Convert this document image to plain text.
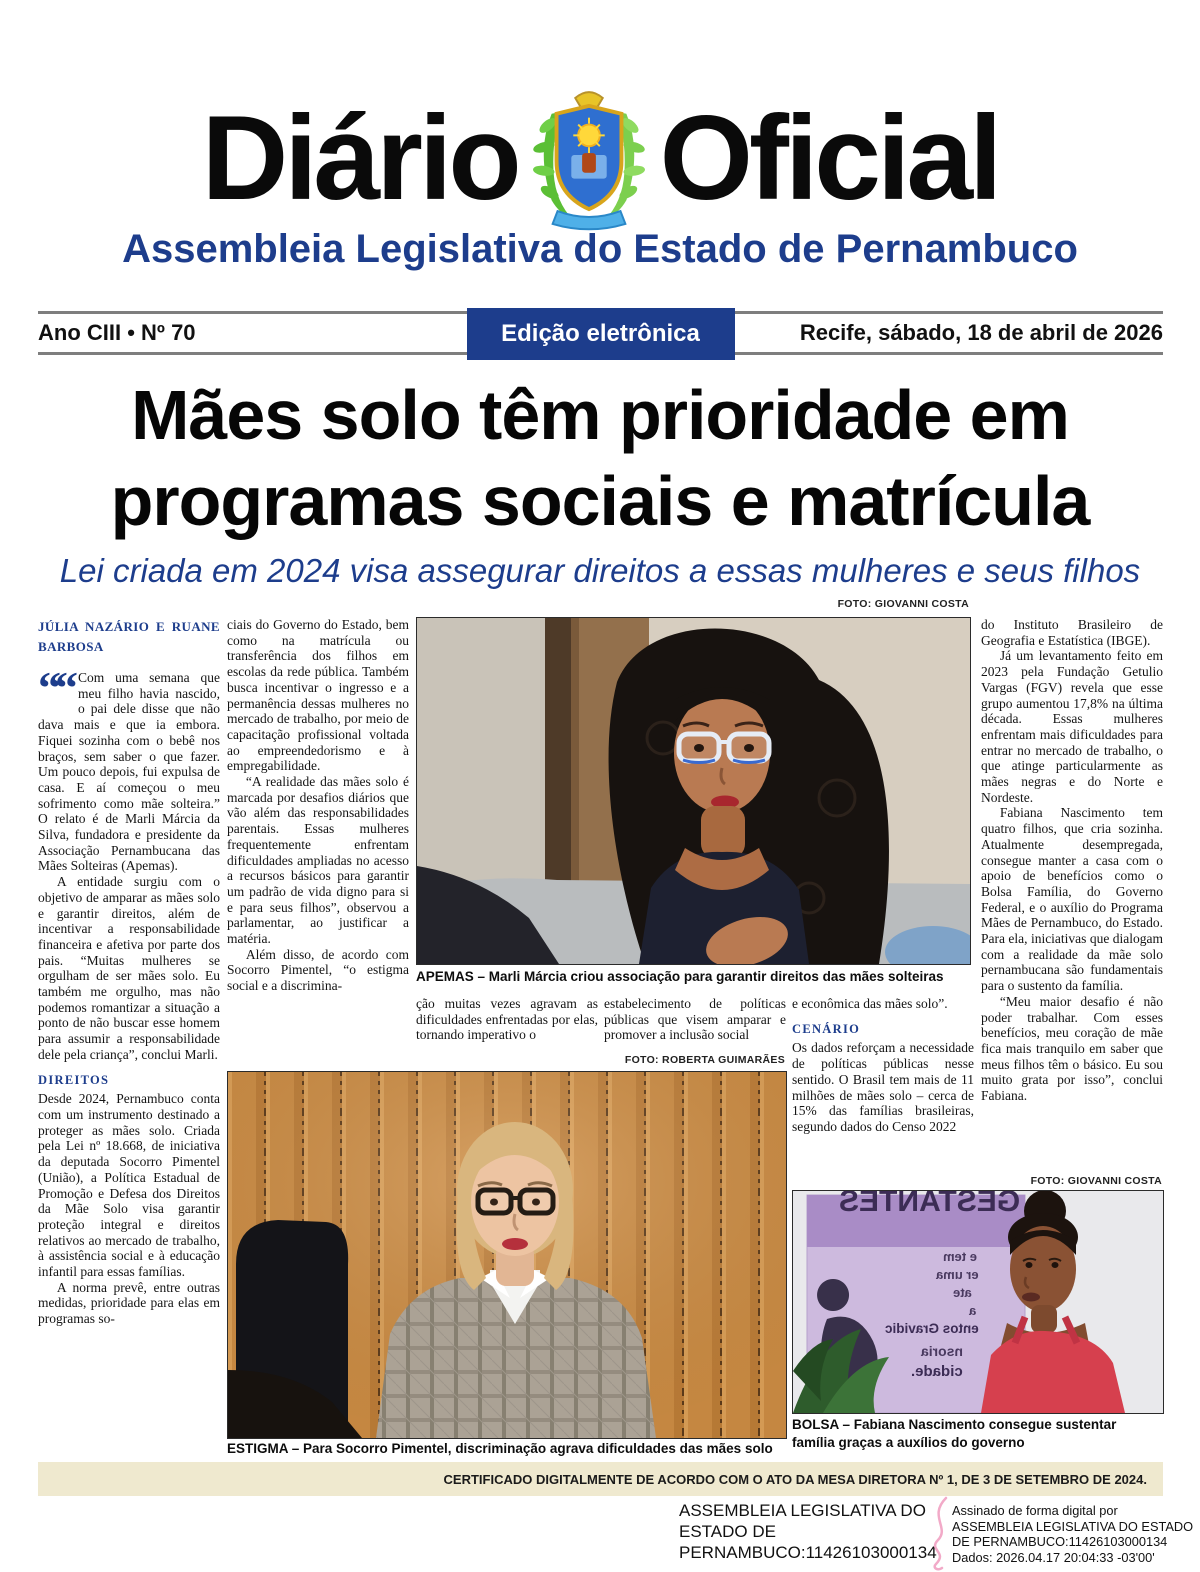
Diário Oficial
Assembleia Legislativa do Estado de Pernambuco
Ano CIII • Nº 70	Edição eletrônica	Recife, sábado, 18 de abril de 2026
Mães solo têm prioridade em
programas sociais e matrícula
Lei criada em 2024 visa assegurar direitos a essas mulheres e seus filhos
JÚLIA NAZÁRIO E RUANE BARBOSA

““ Com uma semana que meu filho havia nascido, o pai dele disse que não dava mais e que ia embora. Fiquei sozinha com o bebê nos braços, sem saber o que fazer. Um pouco depois, fui expulsa de casa. E aí começou o meu sofrimento como mãe solteira.” O relato é de Marli Márcia da Silva, fundadora e presidente da Associação Pernambucana das Mães Solteiras (Apemas).

A entidade surgiu com o objetivo de amparar as mães solo e garantir direitos, além de incentivar a responsabilidade financeira e afetiva por parte dos pais. “Muitas mulheres se orgulham de ser mães solo. Eu também me orgulho, mas não podemos romantizar a situação a ponto de não buscar esse homem para assumir a responsabilidade dele pela criança”, conclui Marli.

DIREITOS

Desde 2024, Pernambuco conta com um instrumento destinado a proteger as mães solo. Criada pela Lei nº 18.668, de iniciativa da deputada Socorro Pimentel (União), a Política Estadual de Promoção e Defesa dos Direitos da Mãe Solo visa garantir proteção integral e direitos relativos ao mercado de trabalho, à assistência social e à educação infantil para essas famílias.

A norma prevê, entre outras medidas, prioridade para elas em programas so-

ciais do Governo do Estado, bem como na matrícula ou transferência dos filhos em escolas da rede pública. Também busca incentivar o ingresso e a permanência dessas mulheres no mercado de trabalho, por meio de capacitação profissional voltada ao empreendedorismo e à empregabilidade.

“A realidade das mães solo é marcada por desafios diários que vão além das responsabilidades parentais. Essas mulheres frequentemente enfrentam dificuldades ampliadas no acesso a recursos básicos para garantir um padrão de vida digno para si e para seus filhos”, observou a parlamentar, ao justificar a matéria.

Além disso, de acordo com Socorro Pimentel, “o estigma social e a discrimina-

FOTO: GIOVANNI COSTA
APEMAS – Marli Márcia criou associação para garantir direitos das mães solteiras

ção muitas vezes agravam as dificuldades enfrentadas por elas, tornando imperativo o

estabelecimento de políticas públicas que visem amparar e promover a inclusão social

e econômica das mães solo”.

CENÁRIO

Os dados reforçam a necessidade de políticas públicas nesse sentido. O Brasil tem mais de 11 milhões de mães solo – cerca de 15% das famílias brasileiras, segundo dados do Censo 2022

do Instituto Brasileiro de Geografia e Estatística (IBGE).

Já um levantamento feito em 2023 pela Fundação Getulio Vargas (FGV) revela que esse grupo aumentou 17,8% na última década. Essas mulheres enfrentam mais dificuldades para entrar no mercado de trabalho, o que atinge particularmente as mães negras e do Norte e Nordeste.

Fabiana Nascimento tem quatro filhos, que cria sozinha. Atualmente desempregada, consegue manter a casa com o apoio de benefícios como o Bolsa Família, do Governo Federal, e o auxílio do Programa Mães de Pernambuco, do Estado. Para ela, iniciativas que dialogam com a realidade da mãe solo pernambucana são fundamentais para o sustento da família.

“Meu maior desafio é não poder trabalhar. Com esses benefícios, meu coração de mãe fica mais tranquilo em saber que meus filhos têm o básico. Eu sou muito grata por isso”, conclui Fabiana.

FOTO: ROBERTA GUIMARÃES
ESTIGMA – Para Socorro Pimentel, discriminação agrava dificuldades das mães solo
FOTO: GIOVANNI COSTA
GESTANTES
e tem
er uma
ate
a
entos Gravidic
nsoria
cidade.
BOLSA – Fabiana Nascimento consegue sustentar família graças a auxílios do governo
CERTIFICADO DIGITALMENTE DE ACORDO COM O ATO DA MESA DIRETORA Nº 1, DE 3 DE SETEMBRO DE 2024.
ASSEMBLEIA LEGISLATIVA DO
ESTADO DE
PERNAMBUCO:11426103000134
Assinado de forma digital por
ASSEMBLEIA LEGISLATIVA DO ESTADO
DE PERNAMBUCO:11426103000134
Dados: 2026.04.17 20:04:33 -03'00'
